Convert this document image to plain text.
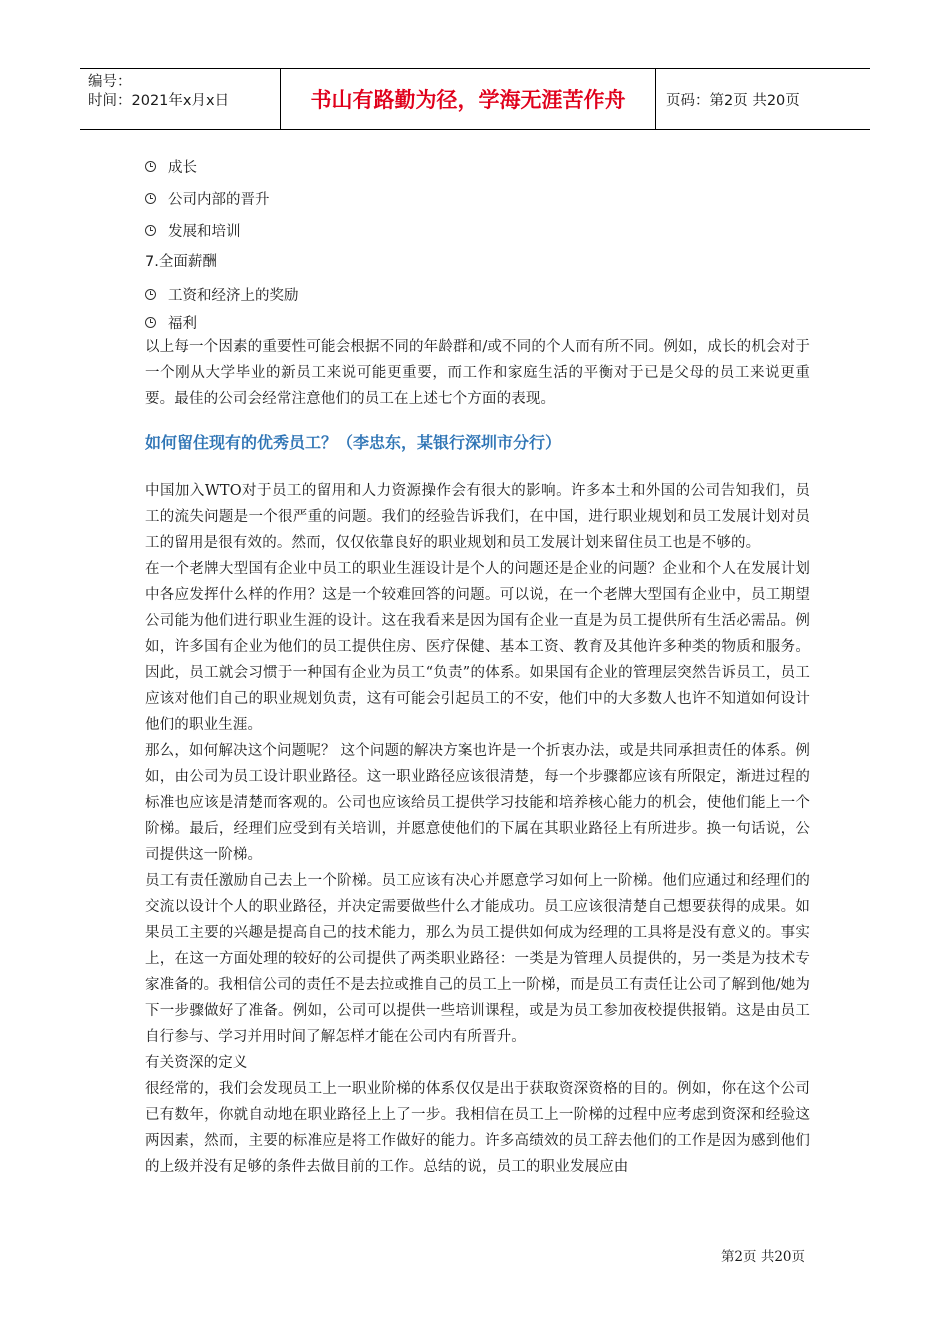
编号：
时间：2021年x月x日	书山有路勤为径，学海无涯苦作舟	页码：第2页 共20页
成长
公司内部的晋升
发展和培训
7.全面薪酬
工资和经济上的奖励
福利

以上每一个因素的重要性可能会根据不同的年龄群和/或不同的个人而有所不同。例如，成长的机会对于一个刚从大学毕业的新员工来说可能更重要，而工作和家庭生活的平衡对于已是父母的员工来说更重要。最佳的公司会经常注意他们的员工在上述七个方面的表现。

如何留住现有的优秀员工？（李忠东，某银行深圳市分行）

中国加入WTO对于员工的留用和人力资源操作会有很大的影响。许多本土和外国的公司告知我们，员工的流失问题是一个很严重的问题。我们的经验告诉我们，在中国，进行职业规划和员工发展计划对员工的留用是很有效的。然而，仅仅依靠良好的职业规划和员工发展计划来留住员工也是不够的。

在一个老牌大型国有企业中员工的职业生涯设计是个人的问题还是企业的问题？企业和个人在发展计划中各应发挥什么样的作用？这是一个较难回答的问题。可以说，在一个老牌大型国有企业中，员工期望公司能为他们进行职业生涯的设计。这在我看来是因为国有企业一直是为员工提供所有生活必需品。例如，许多国有企业为他们的员工提供住房、医疗保健、基本工资、教育及其他许多种类的物质和服务。因此，员工就会习惯于一种国有企业为员工“负责”的体系。如果国有企业的管理层突然告诉员工，员工应该对他们自己的职业规划负责，这有可能会引起员工的不安，他们中的大多数人也许不知道如何设计他们的职业生涯。

那么，如何解决这个问题呢？ 这个问题的解决方案也许是一个折衷办法，或是共同承担责任的体系。例如，由公司为员工设计职业路径。这一职业路径应该很清楚，每一个步骤都应该有所限定，渐进过程的标准也应该是清楚而客观的。公司也应该给员工提供学习技能和培养核心能力的机会，使他们能上一个阶梯。最后，经理们应受到有关培训，并愿意使他们的下属在其职业路径上有所进步。换一句话说，公司提供这一阶梯。

员工有责任激励自己去上一个阶梯。员工应该有决心并愿意学习如何上一阶梯。他们应通过和经理们的交流以设计个人的职业路径，并决定需要做些什么才能成功。员工应该很清楚自己想要获得的成果。如果员工主要的兴趣是提高自己的技术能力，那么为员工提供如何成为经理的工具将是没有意义的。事实上，在这一方面处理的较好的公司提供了两类职业路径：一类是为管理人员提供的，另一类是为技术专家准备的。我相信公司的责任不是去拉或推自己的员工上一阶梯，而是员工有责任让公司了解到他/她为下一步骤做好了准备。例如，公司可以提供一些培训课程，或是为员工参加夜校提供报销。这是由员工自行参与、学习并用时间了解怎样才能在公司内有所晋升。

有关资深的定义

很经常的，我们会发现员工上一职业阶梯的体系仅仅是出于获取资深资格的目的。例如，你在这个公司已有数年，你就自动地在职业路径上上了一步。我相信在员工上一阶梯的过程中应考虑到资深和经验这两因素，然而，主要的标准应是将工作做好的能力。许多高绩效的员工辞去他们的工作是因为感到他们的上级并没有足够的条件去做目前的工作。总结的说，员工的职业发展应由

第2页 共20页
